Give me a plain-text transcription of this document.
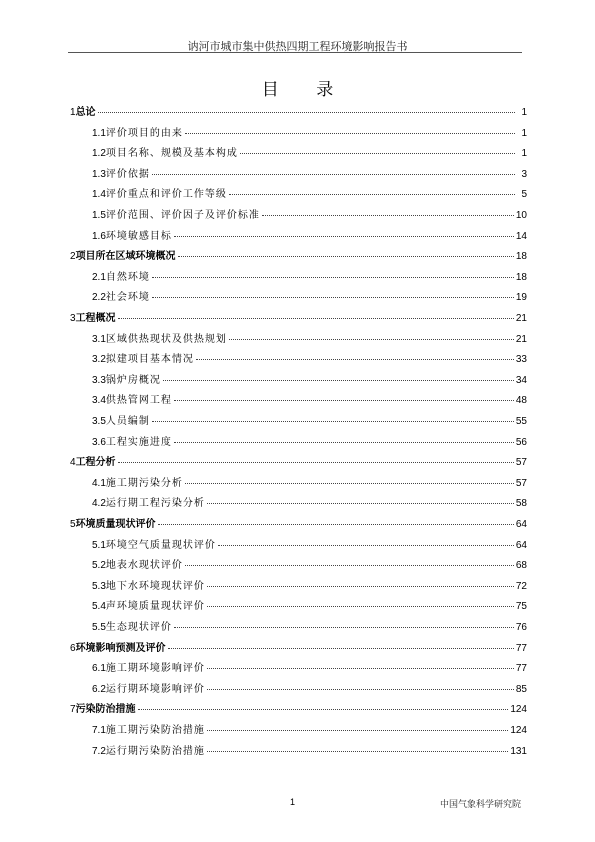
讷河市城市集中供热四期工程环境影响报告书
目 录
1 总论	1
1.1 评价项目的由来	1
1.2 项目名称、规模及基本构成	1
1.3 评价依据	3
1.4 评价重点和评价工作等级	5
1.5 评价范围、评价因子及评价标准	10
1.6 环境敏感目标	14
2 项目所在区域环境概况	18
2.1 自然环境	18
2.2 社会环境	19
3 工程概况	21
3.1 区域供热现状及供热规划	21
3.2 拟建项目基本情况	33
3.3 锅炉房概况	34
3.4 供热管网工程	48
3.5 人员编制	55
3.6 工程实施进度	56
4 工程分析	57
4.1 施工期污染分析	57
4.2 运行期工程污染分析	58
5 环境质量现状评价	64
5.1 环境空气质量现状评价	64
5.2 地表水现状评价	68
5.3 地下水环境现状评价	72
5.4 声环境质量现状评价	75
5.5 生态现状评价	76
6 环境影响预测及评价	77
6.1 施工期环境影响评价	77
6.2 运行期环境影响评价	85
7 污染防治措施	124
7.1 施工期污染防治措施	124
7.2 运行期污染防治措施	131
1	中国气象科学研究院
